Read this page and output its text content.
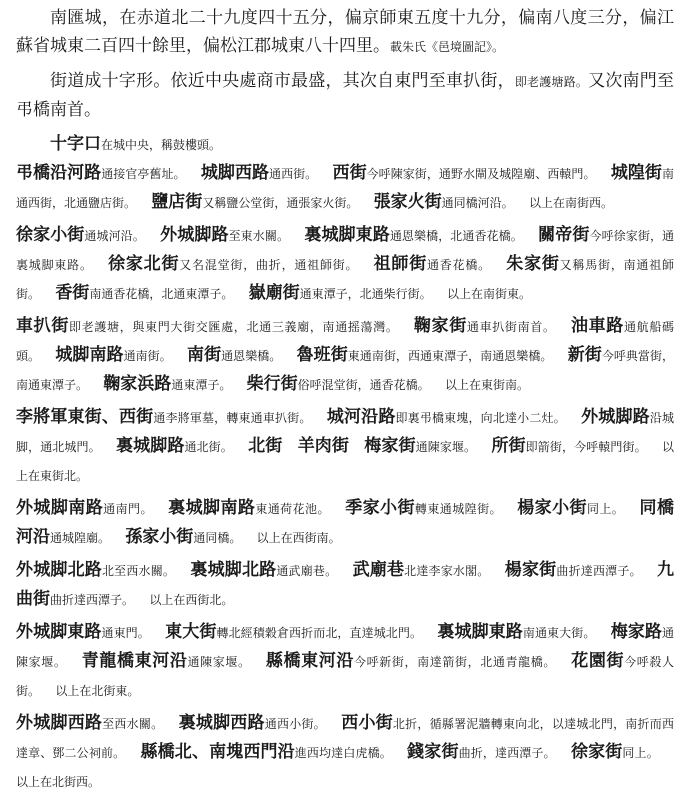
南匯城，在赤道北二十九度四十五分，偏京師東五度十九分，偏南八度三分，偏江蘇省城東二百四十餘里，偏松江郡城東八十四里。載朱氏《邑境圖記》。

街道成十字形。依近中央處商市最盛，其次自東門至車扒街，即老護塘路。又次南門至弔橋南首。

十字口在城中央，稱鼓樓頭。

弔橋沿河路通接官亭舊址。 城脚西路通西街。 西街今呼陳家街，通野水閘及城隍廟、西轅門。 城隍街南通西街，北通鹽店街。 鹽店街又稱鹽公堂街，通張家火街。 張家火街通同橋河沿。 以上在南街西。

徐家小街通城河沿。 外城脚路至東水關。 裏城脚東路通恩樂橋，北通香花橋。 關帝街今呼徐家街，通裏城脚東路。 徐家北街又名混堂街，曲折，通祖師街。 祖師街通香花橋。 朱家街又稱馬街，南通祖師街。 香街南通香花橋，北通東潭子。 嶽廟街通東潭子，北通柴行街。 以上在南街東。

車扒街即老護塘，與東門大街交匯處，北通三義廟，南通摇蕩灣。 鞠家街通車扒街南首。 油車路通航船碼頭。 城脚南路通南街。 南街通恩樂橋。 魯班街東通南街，西通東潭子，南通恩樂橋。 新街今呼典當街，南通東潭子。 鞠家浜路通東潭子。 柴行街俗呼混堂街，通香花橋。 以上在東街南。

李將軍東街、西街通李將軍墓，轉東通車扒街。 城河沿路即裏弔橋東塊，向北達小二灶。 外城脚路沿城脚，通北城門。 裏城脚路通北街。 北街 羊肉街 梅家街通陳家堰。 所街即箭街，今呼轅門街。 以上在東街北。

外城脚南路通南門。 裏城脚南路東通荷花池。 季家小街轉東通城隍街。 楊家小街同上。 同橋河沿通城隍廟。 孫家小街通同橋。 以上在西街南。

外城脚北路北至西水關。 裏城脚北路通武廟巷。 武廟巷北達李家水閣。 楊家街曲折達西潭子。 九曲街曲折達西潭子。 以上在西街北。

外城脚東路通東門。 東大街轉北經積穀倉西折而北，直達城北門。 裏城脚東路南通東大街。 梅家路通陳家堰。 青龍橋東河沿通陳家堰。 縣橋東河沿今呼新街，南達箭街，北通青龍橋。 花園街今呼殺人街。 以上在北街東。

外城脚西路至西水關。 裏城脚西路通西小街。 西小街北折，循縣署泥牆轉東向北，以達城北門，南折而西達章、鄧二公祠前。 縣橋北、南塊西門沿進西均達白虎橋。 錢家街曲折，達西潭子。 徐家街同上。以上在北街西。
